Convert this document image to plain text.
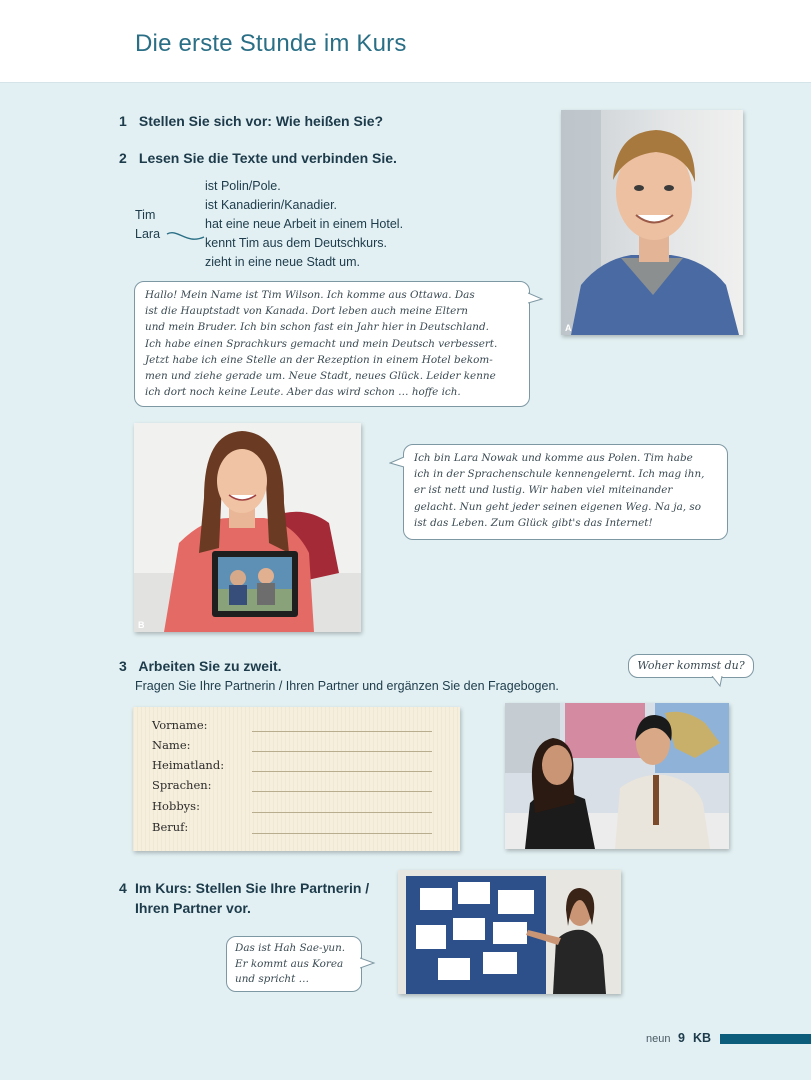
Die erste Stunde im Kurs
1 Stellen Sie sich vor: Wie heißen Sie?
2 Lesen Sie die Texte und verbinden Sie.
Tim
Lara
ist Polin/Pole.
ist Kanadierin/Kanadier.
hat eine neue Arbeit in einem Hotel.
kennt Tim aus dem Deutschkurs.
zieht in eine neue Stadt um.
A
Hallo! Mein Name ist Tim Wilson. Ich komme aus Ottawa. Das
ist die Hauptstadt von Kanada. Dort leben auch meine Eltern
und mein Bruder. Ich bin schon fast ein Jahr hier in Deutschland.
Ich habe einen Sprachkurs gemacht und mein Deutsch verbessert.
Jetzt habe ich eine Stelle an der Rezeption in einem Hotel bekom-
men und ziehe gerade um. Neue Stadt, neues Glück. Leider kenne
ich dort noch keine Leute. Aber das wird schon … hoffe ich.
B
Ich bin Lara Nowak und komme aus Polen. Tim habe
ich in der Sprachenschule kennengelernt. Ich mag ihn,
er ist nett und lustig. Wir haben viel miteinander
gelacht. Nun geht jeder seinen eigenen Weg. Na ja, so
ist das Leben. Zum Glück gibt's das Internet!
3 Arbeiten Sie zu zweit.
Fragen Sie Ihre Partnerin / Ihren Partner und ergänzen Sie den Fragebogen.
Woher kommst du?
Vorname:
Name:
Heimatland:
Sprachen:
Hobbys:
Beruf:
4 Im Kurs: Stellen Sie Ihre Partnerin /
Ihren Partner vor.
Das ist Hah Sae-yun.
Er kommt aus Korea
und spricht …
neun 9 KB
